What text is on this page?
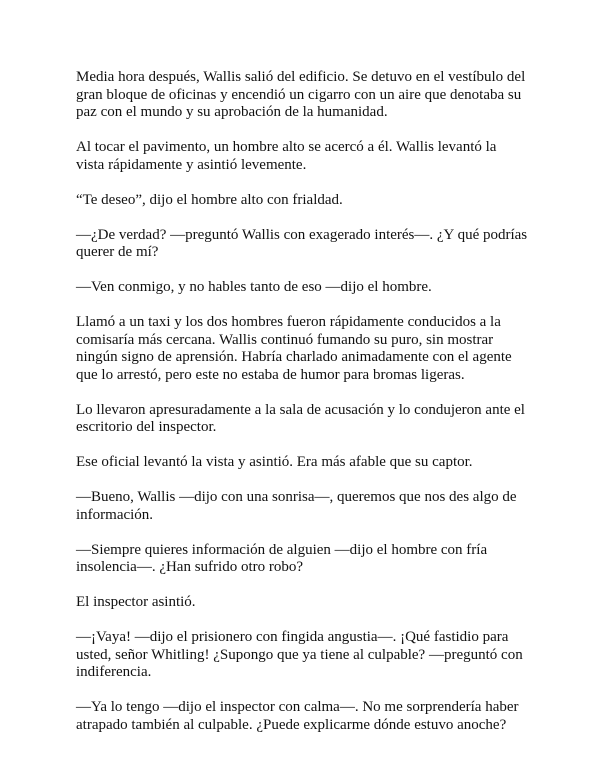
Media hora después, Wallis salió del edificio. Se detuvo en el vestíbulo del gran bloque de oficinas y encendió un cigarro con un aire que denotaba su paz con el mundo y su aprobación de la humanidad.

Al tocar el pavimento, un hombre alto se acercó a él. Wallis levantó la vista rápidamente y asintió levemente.

“Te deseo”, dijo el hombre alto con frialdad.

—¿De verdad? —preguntó Wallis con exagerado interés—. ¿Y qué podrías querer de mí?

—Ven conmigo, y no hables tanto de eso —dijo el hombre.

Llamó a un taxi y los dos hombres fueron rápidamente conducidos a la comisaría más cercana. Wallis continuó fumando su puro, sin mostrar ningún signo de aprensión. Habría charlado animadamente con el agente que lo arrestó, pero este no estaba de humor para bromas ligeras.

Lo llevaron apresuradamente a la sala de acusación y lo condujeron ante el escritorio del inspector.

Ese oficial levantó la vista y asintió. Era más afable que su captor.

—Bueno, Wallis —dijo con una sonrisa—, queremos que nos des algo de información.

—Siempre quieres información de alguien —dijo el hombre con fría insolencia—. ¿Han sufrido otro robo?

El inspector asintió.

—¡Vaya! —dijo el prisionero con fingida angustia—. ¡Qué fastidio para usted, señor Whitling! ¿Supongo que ya tiene al culpable? —preguntó con indiferencia.

—Ya lo tengo —dijo el inspector con calma—. No me sorprendería haber atrapado también al culpable. ¿Puede explicarme dónde estuvo anoche?
